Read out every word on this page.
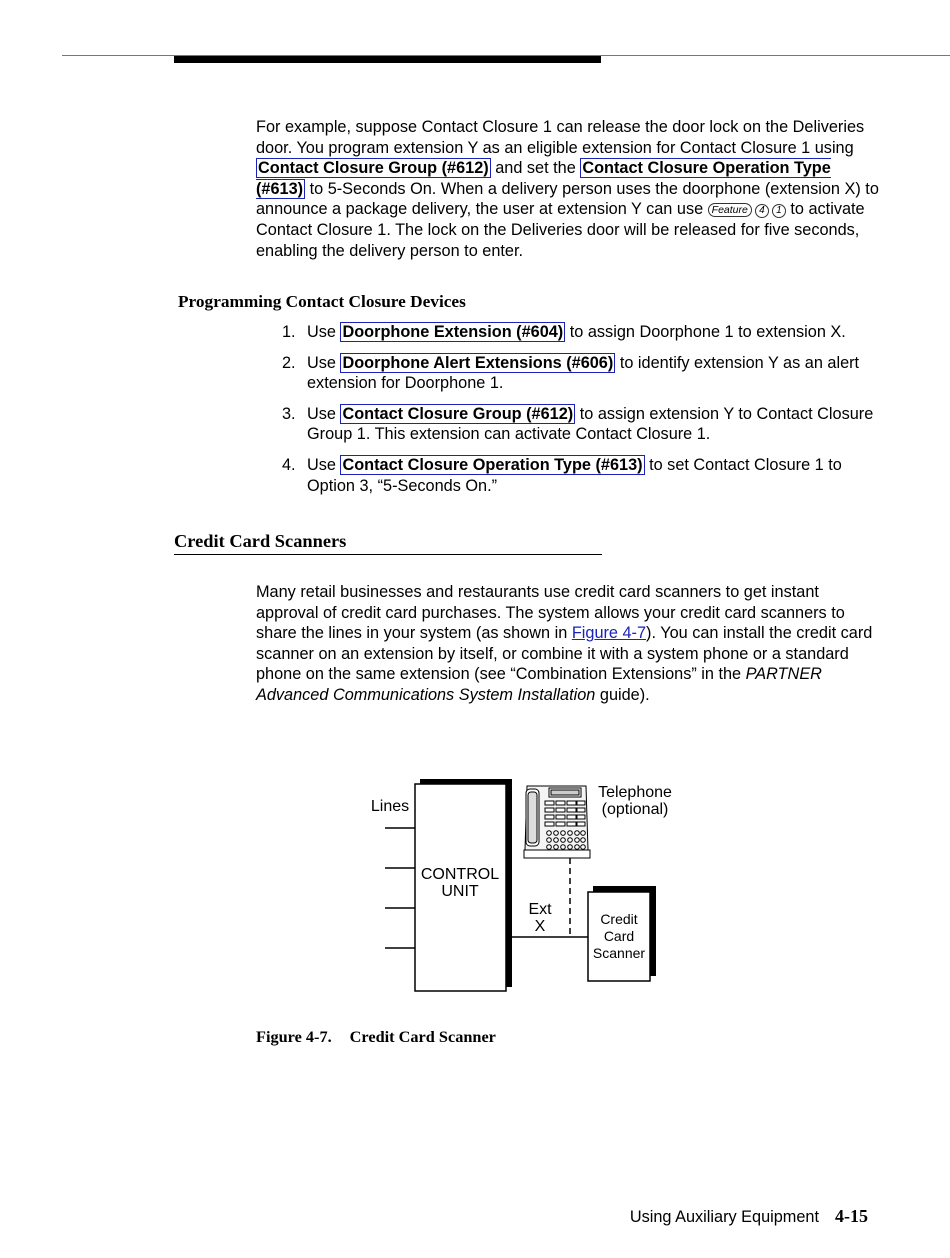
For example, suppose Contact Closure 1 can release the door lock on the Deliveries door. You program extension Y as an eligible extension for Contact Closure 1 using Contact Closure Group (#612) and set the Contact Closure Operation Type (#613) to 5-Seconds On. When a delivery person uses the doorphone (extension X) to announce a package delivery, the user at extension Y can use Feature 4 1 to activate Contact Closure 1. The lock on the Deliveries door will be released for five seconds, enabling the delivery person to enter.
Programming Contact Closure Devices
1. Use Doorphone Extension (#604) to assign Doorphone 1 to extension X.
2. Use Doorphone Alert Extensions (#606) to identify extension Y as an alert extension for Doorphone 1.
3. Use Contact Closure Group (#612) to assign extension Y to Contact Closure Group 1. This extension can activate Contact Closure 1.
4. Use Contact Closure Operation Type (#613) to set Contact Closure 1 to Option 3, “5-Seconds On.”
Credit Card Scanners
Many retail businesses and restaurants use credit card scanners to get instant approval of credit card purchases. The system allows your credit card scanners to share the lines in your system (as shown in Figure 4-7). You can install the credit card scanner on an extension by itself, or combine it with a system phone or a standard phone on the same extension (see “Combination Extensions” in the PARTNER Advanced Communications System Installation guide).
Lines
CONTROL
UNIT
Ext
X
Telephone
(optional)
Credit
Card
Scanner
Figure 4-7. Credit Card Scanner
Using Auxiliary Equipment 4-15
